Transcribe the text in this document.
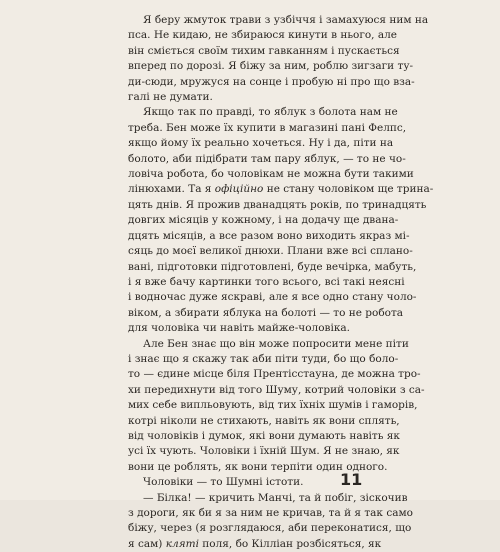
Я беру жмуток трави з узбіччя і замахуюся ним на
пса. Не кидаю, не збираюся кинути в нього, але
він сміється своїм тихим гавканням і пускається
вперед по дорозі. Я біжу за ним, роблю зигзаги ту-
ди-сюди, мружуся на сонце і пробую ні про що взa-
галі не думати.
Якщо так по правді, то яблук з болота нам не
треба. Бен може їх купити в магазині пані Фелпс,
якщо йому їх реально хочеться. Ну і да, піти на
болото, аби підібрати там пару яблук, — то не чо-
ловіча робота, бо чоловікам не можна бути такими
лінюхами. Та я офіційно не стану чоловіком ще трина-
цять днів. Я прожив дванадцять років, по тринадцять
довгих місяців у кожному, і на додачу ще двана-
дцять місяців, а все разом воно виходить якраз мі-
сяць до моєї великої днюхи. Плани вже всі сплано-
вані, підготовки підготовлені, буде вечірка, мабуть,
і я вже бачу картинки того всього, всі такі неясні
і водночас дуже яскраві, але я все одно стану чоло-
віком, а збирати яблука на болоті — то не робота
для чоловіка чи навіть майже-чоловіка.
Але Бен знає що він може попросити мене піти
і знає що я скажу так аби піти туди, бо що боло-
то — єдине місце біля Прентісстауна, де можна тро-
хи передихнути від того Шуму, котрий чоловіки з са-
мих себе випльовують, від тих їхніх шумів і гаморів,
котрі ніколи не стихають, навіть як вони сплять,
від чоловіків і думок, які вони думають навіть як
усі їх чують. Чоловіки і їхній Шум. Я не знаю, як
вони це роблять, як вони терпіти один одного.
Чоловіки — то Шумні істоти.
— Білка! — кричить Манчі, та й побіг, зіскочив
з дороги, як би я за ним не кричав, та й я так само
біжу, через (я розглядаюся, аби переконатися, що
я сам) кляті поля, бо Кілліан розбісяться, як
11
